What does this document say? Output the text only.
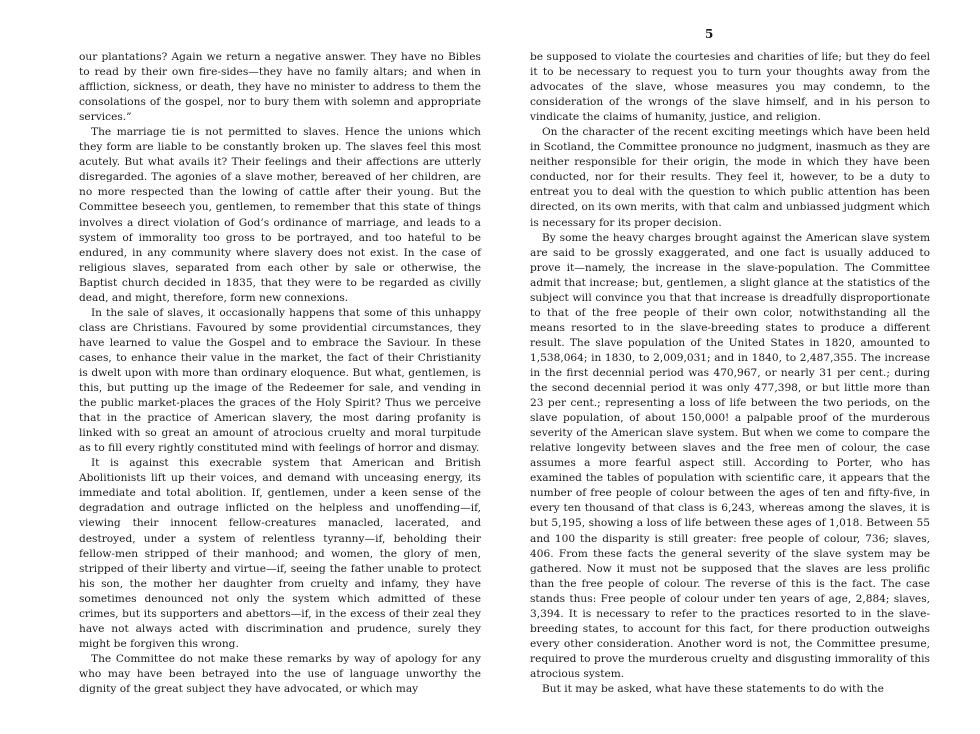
5

our plantations? Again we return a negative answer. They have no Bibles to read by their own fire-sides—they have no family altars; and when in affliction, sickness, or death, they have no minister to address to them the consolations of the gospel, nor to bury them with solemn and appropriate services.”

The marriage tie is not permitted to slaves. Hence the unions which they form are liable to be constantly broken up. The slaves feel this most acutely. But what avails it? Their feelings and their affections are utterly disregarded. The agonies of a slave mother, bereaved of her children, are no more respected than the lowing of cattle after their young. But the Committee beseech you, gentlemen, to remember that this state of things involves a direct violation of God’s ordinance of marriage, and leads to a system of immorality too gross to be portrayed, and too hateful to be endured, in any community where slavery does not exist. In the case of religious slaves, separated from each other by sale or otherwise, the Baptist church decided in 1835, that they were to be regarded as civilly dead, and might, therefore, form new connexions.

In the sale of slaves, it occasionally happens that some of this unhappy class are Christians. Favoured by some providential circumstances, they have learned to value the Gospel and to embrace the Saviour. In these cases, to enhance their value in the market, the fact of their Christianity is dwelt upon with more than ordinary eloquence. But what, gentlemen, is this, but putting up the image of the Redeemer for sale, and vending in the public market-places the graces of the Holy Spirit? Thus we perceive that in the practice of American slavery, the most daring profanity is linked with so great an amount of atrocious cruelty and moral turpitude as to fill every rightly constituted mind with feelings of horror and dismay.

It is against this execrable system that American and British Abolitionists lift up their voices, and demand with unceasing energy, its immediate and total abolition. If, gentlemen, under a keen sense of the degradation and outrage inflicted on the helpless and unoffending—if, viewing their innocent fellow-creatures manacled, lacerated, and destroyed, under a system of relentless tyranny—if, beholding their fellow-men stripped of their manhood; and women, the glory of men, stripped of their liberty and virtue—if, seeing the father unable to protect his son, the mother her daughter from cruelty and infamy, they have sometimes denounced not only the system which admitted of these crimes, but its supporters and abettors—if, in the excess of their zeal they have not always acted with discrimination and prudence, surely they might be forgiven this wrong.

The Committee do not make these remarks by way of apology for any who may have been betrayed into the use of language unworthy the dignity of the great subject they have advocated, or which may

be supposed to violate the courtesies and charities of life; but they do feel it to be necessary to request you to turn your thoughts away from the advocates of the slave, whose measures you may condemn, to the consideration of the wrongs of the slave himself, and in his person to vindicate the claims of humanity, justice, and religion.

On the character of the recent exciting meetings which have been held in Scotland, the Committee pronounce no judgment, inasmuch as they are neither responsible for their origin, the mode in which they have been conducted, nor for their results. They feel it, however, to be a duty to entreat you to deal with the question to which public attention has been directed, on its own merits, with that calm and unbiassed judgment which is necessary for its proper decision.

By some the heavy charges brought against the American slave system are said to be grossly exaggerated, and one fact is usually adduced to prove it—namely, the increase in the slave-population. The Committee admit that increase; but, gentlemen, a slight glance at the statistics of the subject will convince you that that increase is dreadfully disproportionate to that of the free people of their own color, notwithstanding all the means resorted to in the slave-breeding states to produce a different result. The slave population of the United States in 1820, amounted to 1,538,064; in 1830, to 2,009,031; and in 1840, to 2,487,355. The increase in the first decennial period was 470,967, or nearly 31 per cent.; during the second decennial period it was only 477,398, or but little more than 23 per cent.; representing a loss of life between the two periods, on the slave population, of about 150,000! a palpable proof of the murderous severity of the American slave system. But when we come to compare the relative longevity between slaves and the free men of colour, the case assumes a more fearful aspect still. According to Porter, who has examined the tables of population with scientific care, it appears that the number of free people of colour between the ages of ten and fifty-five, in every ten thousand of that class is 6,243, whereas among the slaves, it is but 5,195, showing a loss of life between these ages of 1,018. Between 55 and 100 the disparity is still greater: free people of colour, 736; slaves, 406. From these facts the general severity of the slave system may be gathered. Now it must not be supposed that the slaves are less prolific than the free people of colour. The reverse of this is the fact. The case stands thus: Free people of colour under ten years of age, 2,884; slaves, 3,394. It is necessary to refer to the practices resorted to in the slave-breeding states, to account for this fact, for there production outweighs every other consideration. Another word is not, the Committee presume, required to prove the murderous cruelty and disgusting immorality of this atrocious system.

But it may be asked, what have these statements to do with the
